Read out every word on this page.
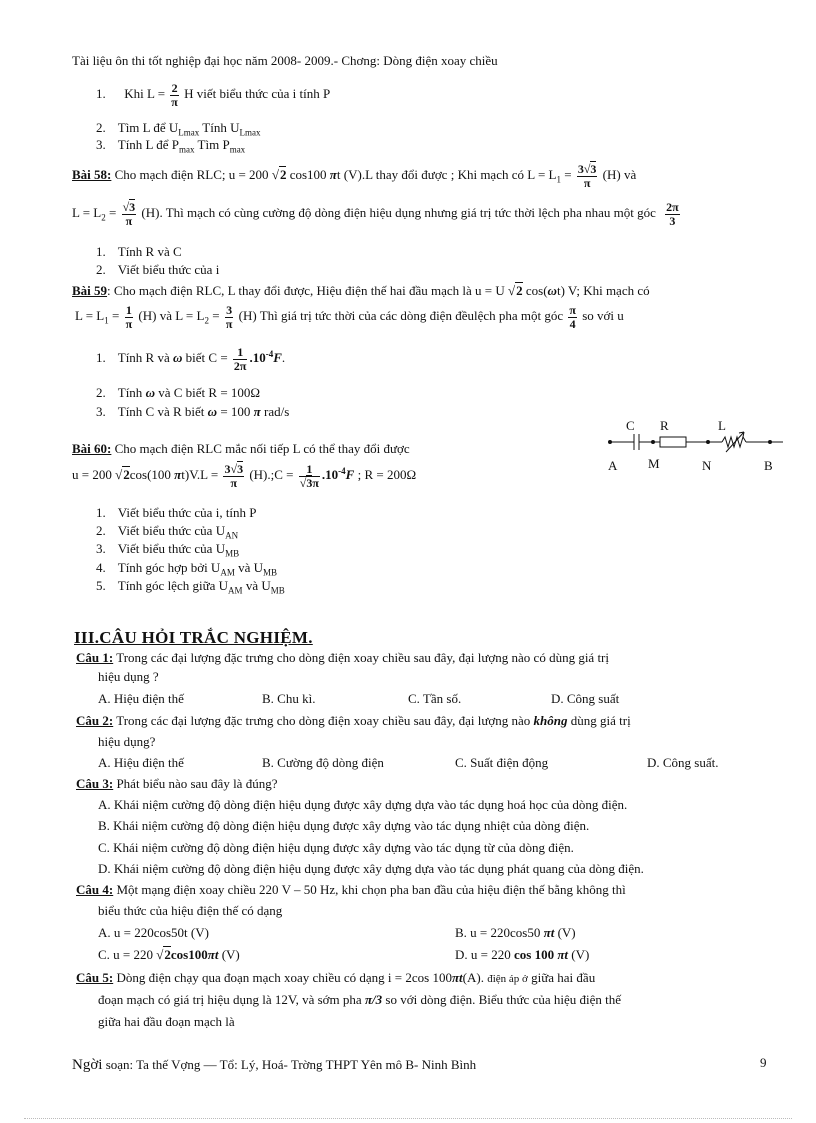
Tài liệu ôn thi tốt nghiệp đại học năm 2008- 2009.- Chơng: Dòng điện xoay chiều
1. Khi $L = \frac{2}{\pi}$ H viết biểu thức của i tính P
2. Tìm L để $U_{Lmax}$ Tính $U_{Lmax}$
3. Tính L để $P_{max}$ Tìm $P_{max}$
Bài 58: Cho mạch điện RLC; u = 200 √2 cos100 πt (V).L thay đổi được ; Khi mạch có $L = L_1 = \frac{3√3}{\pi} (H)$ và
$L = L_2 = \frac{√3}{\pi} (H)$. Thì mạch có cùng cường độ dòng điện hiệu dụng nhưng giá trị tức thời lệch pha nhau một góc $\frac{2\pi}{3}$
1. Tính R và C
2. Viết biểu thức của i
Bài 59: Cho mạch điện RLC, L thay đổi được, Hiệu điện thế hai đầu mạch là u = U √2 cos(ωt) V; Khi mạch có
$L = L_1 = \frac{1}{\pi} (H)$ và $L = L_2 = \frac{3}{\pi} (H)$ Thì giá trị tức thời của các dòng điện đềulệch pha một góc $\frac{\pi}{4}$ so với u
1. Tính R và ω biết $C = \frac{1}{2\pi} .10^{-4}F$.
2. Tính ω và C biết R = 100Ω
3. Tính C và R biết ω = 100 π rad/s
Bài 60: Cho mạch điện RLC mắc nối tiếp L có thể thay đổi được
u = 200 √2cos(100 $\pi t)V.L = \frac{3√3}{\pi}$ (H).;C = $\frac{1}{√3\pi} .10^{-4}F$ ; R = 200Ω
1. Viết biểu thức của i, tính P
2. Viết biểu thức của $U_{AN}$
3. Viết biểu thức của $U_{MB}$
4. Tính góc hợp bởi $U_{AM}$ và $U_{MB}$
5. Tính góc lệch giữa $U_{AM}$ và $U_{MB}$
C R	L
A M	N	B
III.CÂU HỎI TRẮC NGHIỆM.
Câu 1: Trong các đại lượng đặc trưng cho dòng điện xoay chiều sau đây, đại lượng nào có dùng giá trị
hiệu dụng ?
A. Hiệu điện thế	B. Chu kì.	C. Tần số.	D. Công suất
Câu 2: Trong các đại lượng đặc trưng cho dòng điện xoay chiều sau đây, đại lượng nào không dùng giá trị
hiệu dụng?
A. Hiệu điện thế	B. Cường độ dòng điện	C. Suất điện động	D. Công suất.
Câu 3: Phát biểu nào sau đây là đúng?
A. Khái niệm cường độ dòng điện hiệu dụng được xây dựng dựa vào tác dụng hoá học của dòng điện.
B. Khái niệm cường độ dòng điện hiệu dụng được xây dựng vào tác dụng nhiệt của dòng điện.
C. Khái niệm cường độ dòng điện hiệu dụng được xây dựng vào tác dụng từ của dòng điện.
D. Khái niệm cường độ dòng điện hiệu dụng được xây dựng dựa vào tác dụng phát quang của dòng điện.
Câu 4: Một mạng điện xoay chiều 220 V – 50 Hz, khi chọn pha ban đầu của hiệu điện thế bằng không thì
biểu thức của hiệu điện thế có dạng
A. u = 220cos50t (V)	B. u = 220cos50 πt (V)
C. u = 220 √2cos100πt (V)	D. u = 220 cos 100 πt (V)
Câu 5: Dòng điện chạy qua đoạn mạch xoay chiều có dạng i = 2cos 100πt(A). điện áp ở giữa hai đầu
đoạn mạch có giá trị hiệu dụng là 12V, và sớm pha π/3 so với dòng điện. Biểu thức của hiệu điện thế
giữa hai đầu đoạn mạch là
Ngời soạn: Ta thế Vợng — Tổ: Lý, Hoá- Trờng THPT Yên mô B- Ninh Bình	9
